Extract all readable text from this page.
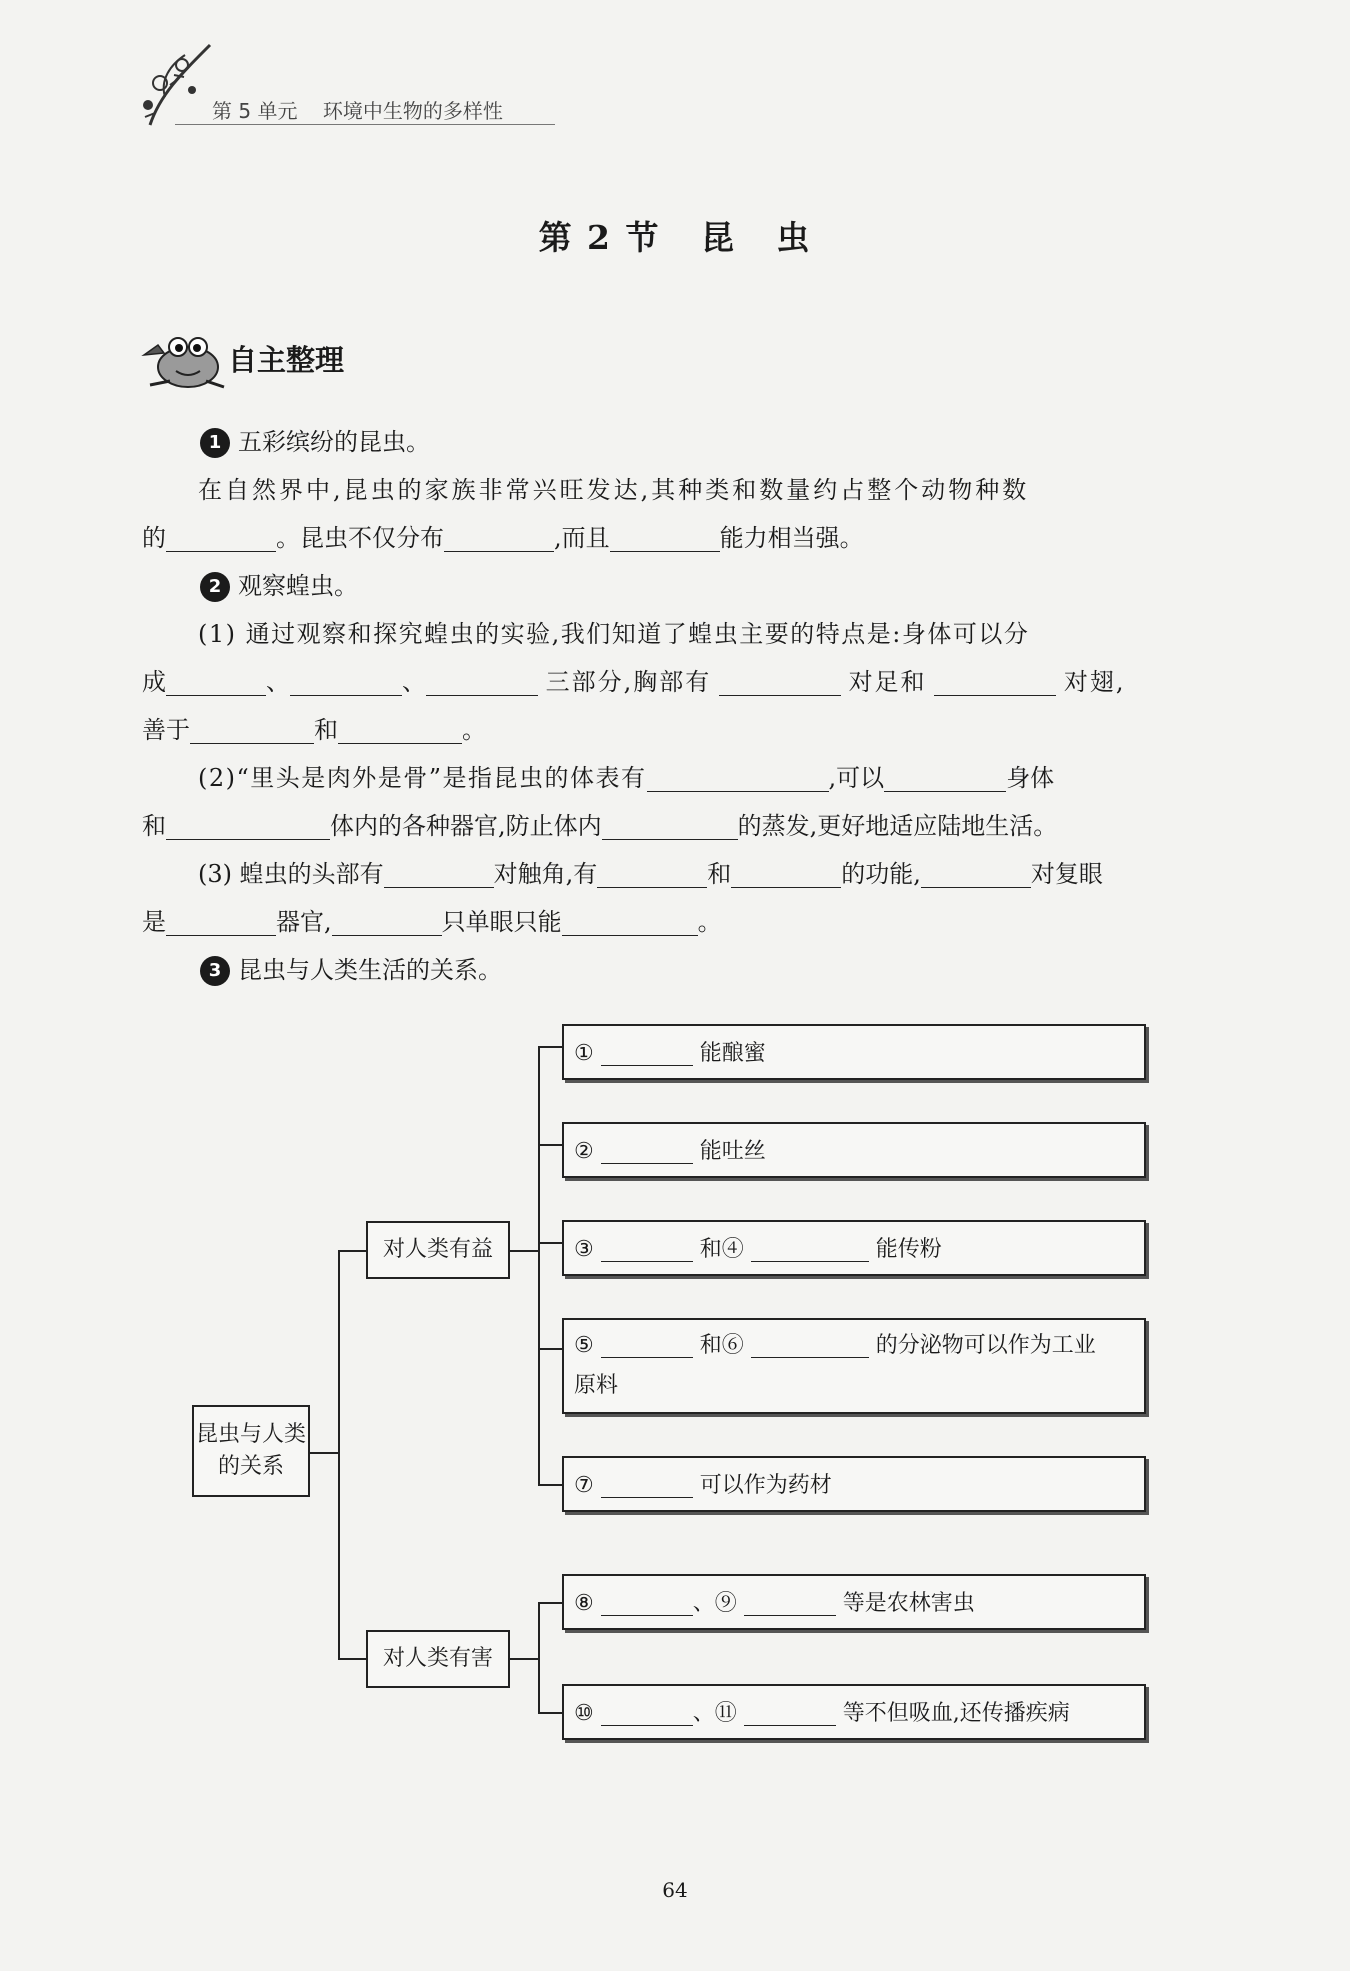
第 5 单元 环境中生物的多样性
第 2 节   昆   虫
自主整理
1 五彩缤纷的昆虫。
在自然界中,昆虫的家族非常兴旺发达,其种类和数量约占整个动物种数
的	。昆虫不仅分布	,而且	能力相当强。
2 观察蝗虫。
(1) 通过观察和探究蝗虫的实验,我们知道了蝗虫主要的特点是:身体可以分
成	、	、	三部分,胸部有	对足和	对翅,
善于	和	。
(2)“里头是肉外是骨”是指昆虫的体表有	,可以	身体
和	体内的各种器官,防止体内	的蒸发,更好地适应陆地生活。
(3) 蝗虫的头部有	对触角,有	和	的功能,	对复眼
是	器官,	只单眼只能	。
3 昆虫与人类生活的关系。
昆虫与人类的关系
对人类有益
对人类有害
①	能酿蜜
②	能吐丝
③	和④	能传粉
⑤	和⑥	的分泌物可以作为工业
原料
⑦	可以作为药材
⑧	、⑨	等是农林害虫
⑩	、⑪	等不但吸血,还传播疾病
64
